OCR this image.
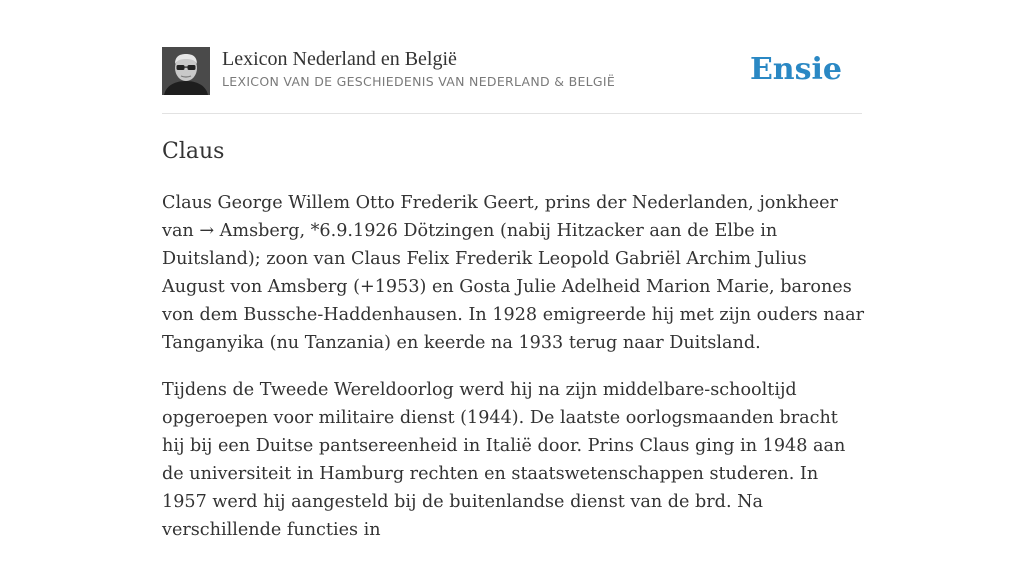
Lexicon Nederland en België
LEXICON VAN DE GESCHIEDENIS VAN NEDERLAND & BELGIË	Ensie
Claus

Claus George Willem Otto Frederik Geert, prins der Nederlanden, jonkheer van → Amsberg, *6.9.1926 Dötzingen (nabij Hitzacker aan de Elbe in Duitsland); zoon van Claus Felix Frederik Leopold Gabriël Archim Julius August von Amsberg (+1953) en Gosta Julie Adelheid Marion Marie, barones von dem Bussche-Haddenhausen. In 1928 emigreerde hij met zijn ouders naar Tanganyika (nu Tanzania) en keerde na 1933 terug naar Duitsland.

Tijdens de Tweede Wereldoorlog werd hij na zijn middelbare-schooltijd opgeroepen voor militaire dienst (1944). De laatste oorlogsmaanden bracht hij bij een Duitse pantsereenheid in Italië door. Prins Claus ging in 1948 aan de universiteit in Hamburg rechten en staatswetenschappen studeren. In 1957 werd hij aangesteld bij de buitenlandse dienst van de brd. Na verschillende functies in
